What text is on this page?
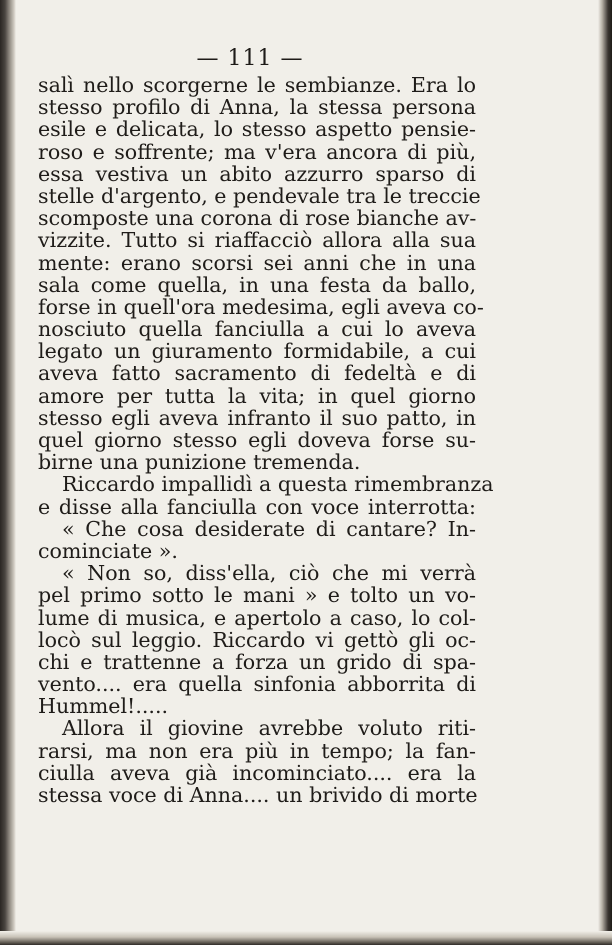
— 111 —
salì nello scorgerne le sembianze. Era lo
stesso profilo di Anna, la stessa persona
esile e delicata, lo stesso aspetto pensie-
roso e soffrente; ma v'era ancora di più,
essa vestiva un abito azzurro sparso di
stelle d'argento, e pendevale tra le treccie
scomposte una corona di rose bianche av-
vizzite. Tutto si riaffacciò allora alla sua
mente: erano scorsi sei anni che in una
sala come quella, in una festa da ballo,
forse in quell'ora medesima, egli aveva co-
nosciuto quella fanciulla a cui lo aveva
legato un giuramento formidabile, a cui
aveva fatto sacramento di fedeltà e di
amore per tutta la vita; in quel giorno
stesso egli aveva infranto il suo patto, in
quel giorno stesso egli doveva forse su-
birne una punizione tremenda.
Riccardo impallidì a questa rimembranza
e disse alla fanciulla con voce interrotta:
« Che cosa desiderate di cantare? In-
cominciate ».
« Non so, diss'ella, ciò che mi verrà
pel primo sotto le mani » e tolto un vo-
lume di musica, e apertolo a caso, lo col-
locò sul leggio. Riccardo vi gettò gli oc-
chi e trattenne a forza un grido di spa-
vento.... era quella sinfonia abborrita di
Hummel!.....
Allora il giovine avrebbe voluto riti-
rarsi, ma non era più in tempo; la fan-
ciulla aveva già incominciato.... era la
stessa voce di Anna.... un brivido di morte
